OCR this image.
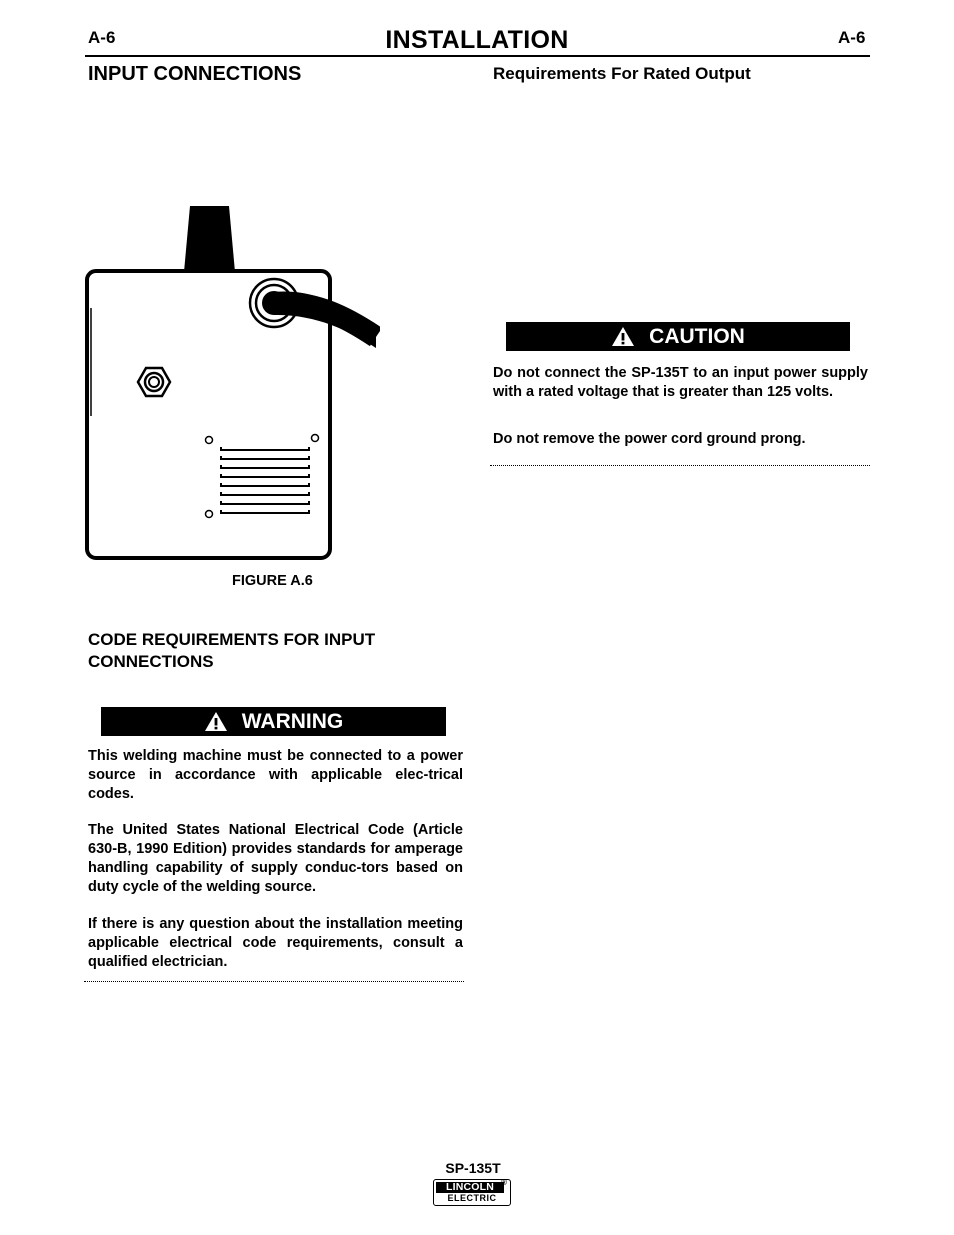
A-6	INSTALLATION	A-6
INPUT CONNECTIONS
FIGURE A.6
CODE REQUIREMENTS FOR INPUT CONNECTIONS
WARNING
This welding machine must be connected to a power source in accordance with applicable elec-trical codes.
The United States National Electrical Code (Article 630-B, 1990 Edition) provides standards for amperage handling capability of supply conduc-tors based on duty cycle of the welding source.
If there is any question about the installation meeting applicable electrical code requirements, consult a qualified electrician.
Requirements For Rated Output
CAUTION
Do not connect the SP-135T to an input power supply with a rated voltage that is greater than 125 volts.
Do not remove the power cord ground prong.
SP-135T
LINCOLN
ELECTRIC
®
